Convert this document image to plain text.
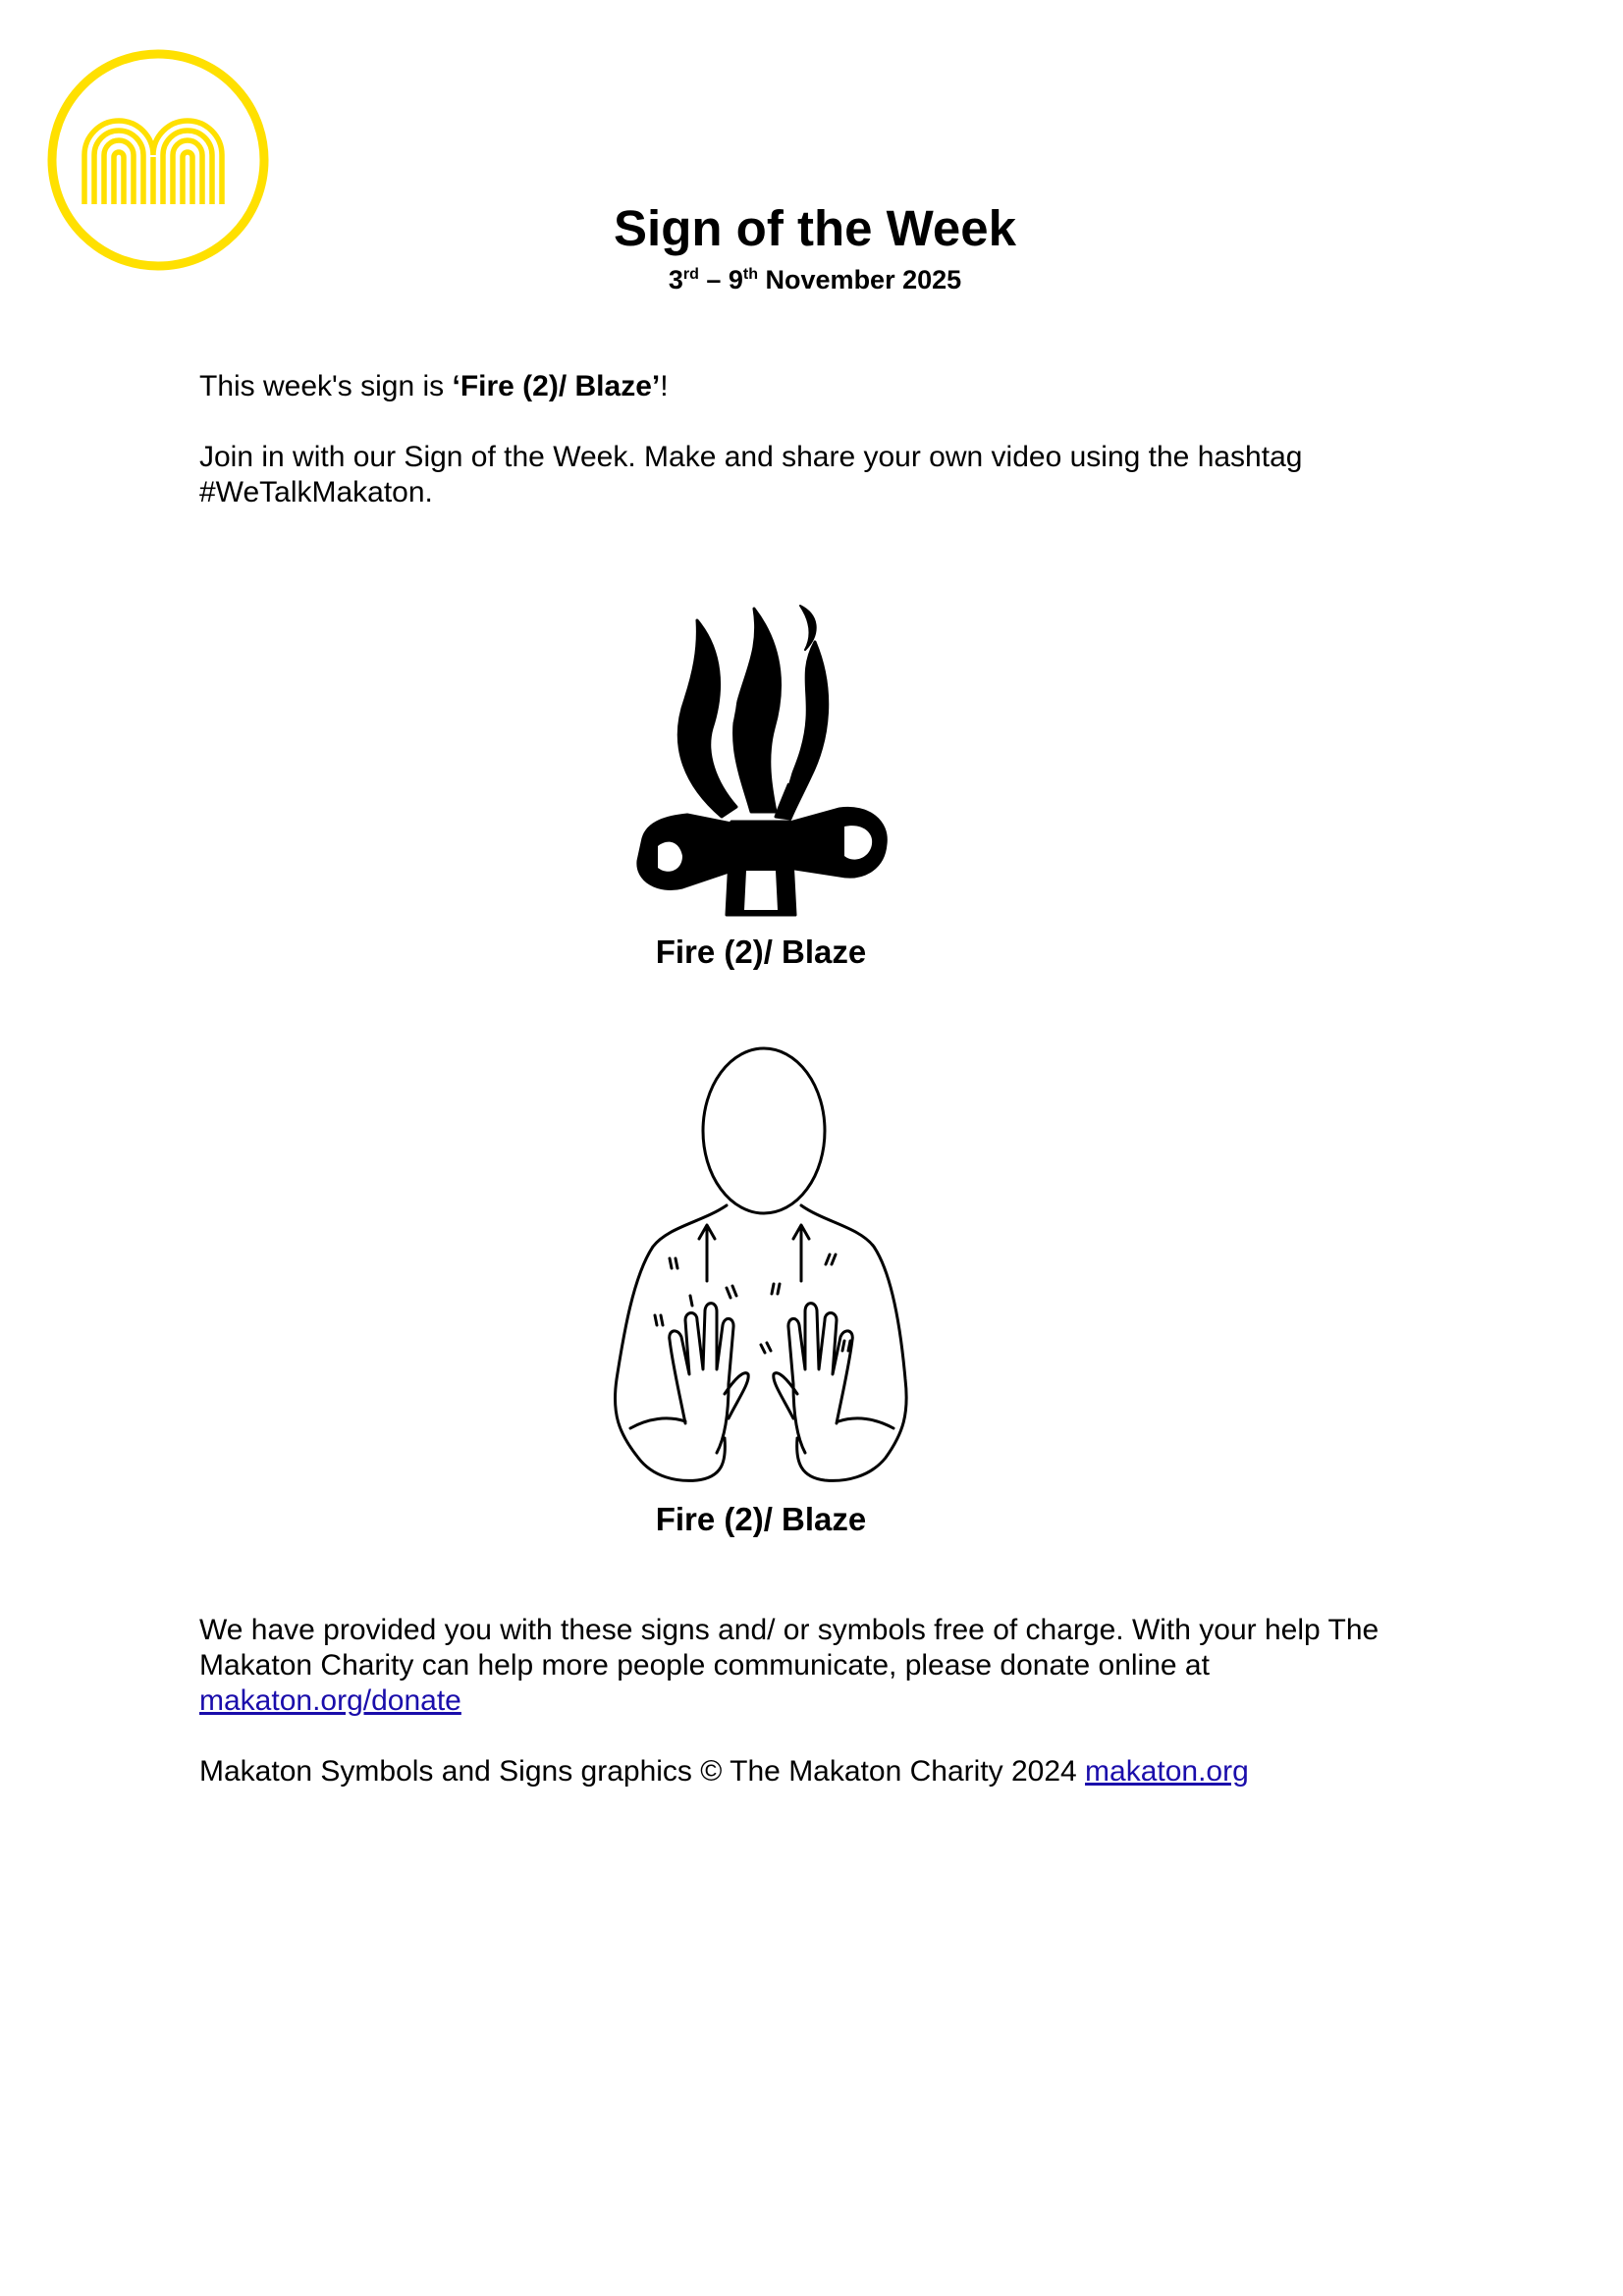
Sign of the Week

3rd – 9th November 2025

This week's sign is ‘Fire (2)/ Blaze’!

Join in with our Sign of the Week. Make and share your own video using the hashtag #WeTalkMakaton.

Fire (2)/ Blaze
Fire (2)/ Blaze

We have provided you with these signs and/ or symbols free of charge. With your help The Makaton Charity can help more people communicate, please donate online at
makaton.org/donate

Makaton Symbols and Signs graphics © The Makaton Charity 2024 makaton.org
